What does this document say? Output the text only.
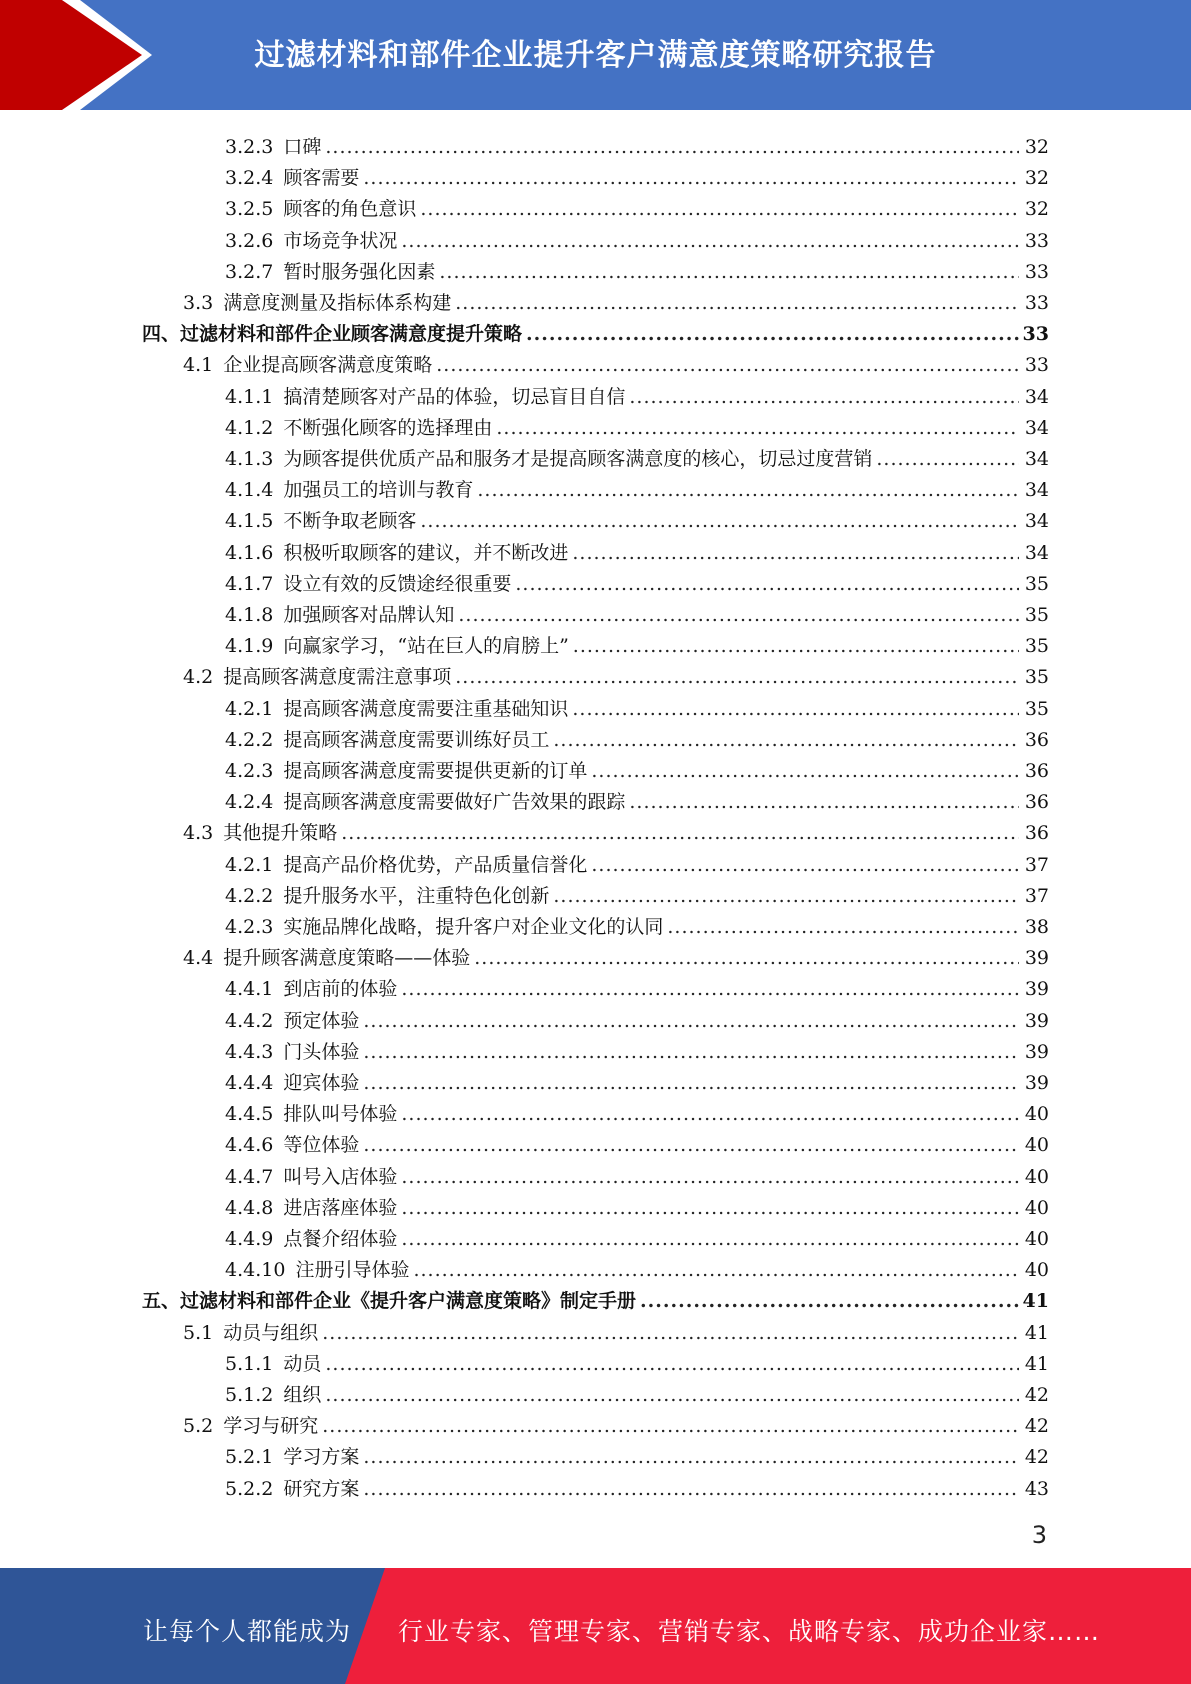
过滤材料和部件企业提升客户满意度策略研究报告
3.2.3 口碑 .....	32
3.2.4 顾客需要 .....	32
3.2.5 顾客的角色意识 .....	32
3.2.6 市场竞争状况 .....	33
3.2.7 暂时服务强化因素 .....	33
3.3 满意度测量及指标体系构建 .....	33
四、过滤材料和部件企业顾客满意度提升策略 .....	33
4.1 企业提高顾客满意度策略 .....	33
4.1.1 搞清楚顾客对产品的体验，切忌盲目自信 .....	34
4.1.2 不断强化顾客的选择理由 .....	34
4.1.3 为顾客提供优质产品和服务才是提高顾客满意度的核心，切忌过度营销 .....	34
4.1.4 加强员工的培训与教育 .....	34
4.1.5 不断争取老顾客 .....	34
4.1.6 积极听取顾客的建议，并不断改进 .....	34
4.1.7 设立有效的反馈途经很重要 .....	35
4.1.8 加强顾客对品牌认知 .....	35
4.1.9 向赢家学习，“站在巨人的肩膀上” .....	35
4.2 提高顾客满意度需注意事项 .....	35
4.2.1 提高顾客满意度需要注重基础知识 .....	35
4.2.2 提高顾客满意度需要训练好员工 .....	36
4.2.3 提高顾客满意度需要提供更新的订单 .....	36
4.2.4 提高顾客满意度需要做好广告效果的跟踪 .....	36
4.3 其他提升策略 .....	36
4.2.1 提高产品价格优势，产品质量信誉化 .....	37
4.2.2 提升服务水平，注重特色化创新 .....	37
4.2.3 实施品牌化战略，提升客户对企业文化的认同 .....	38
4.4 提升顾客满意度策略——体验 .....	39
4.4.1 到店前的体验 .....	39
4.4.2 预定体验 .....	39
4.4.3 门头体验 .....	39
4.4.4 迎宾体验 .....	39
4.4.5 排队叫号体验 .....	40
4.4.6 等位体验 .....	40
4.4.7 叫号入店体验 .....	40
4.4.8 进店落座体验 .....	40
4.4.9 点餐介绍体验 .....	40
4.4.10 注册引导体验 .....	40
五、过滤材料和部件企业《提升客户满意度策略》制定手册 .....	41
5.1 动员与组织 .....	41
5.1.1 动员 .....	41
5.1.2 组织 .....	42
5.2 学习与研究 .....	42
5.2.1 学习方案 .....	42
5.2.2 研究方案 .....	43
3
让每个人都能成为 行业专家、管理专家、营销专家、战略专家、成功企业家……
